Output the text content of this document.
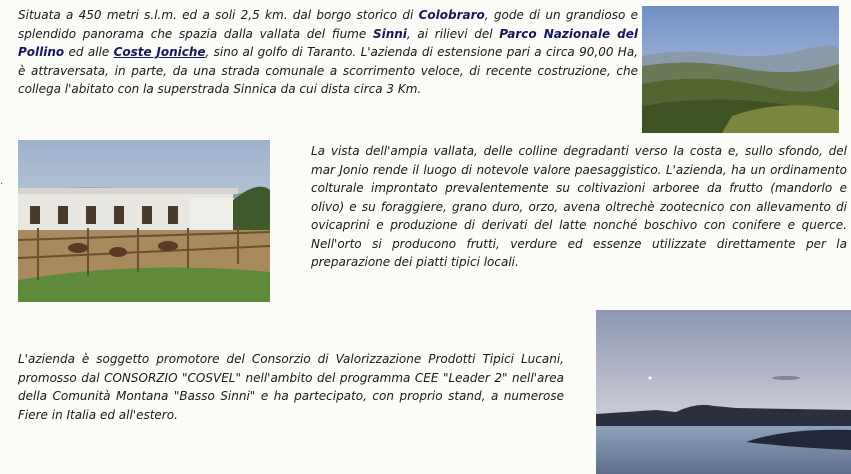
Situata a 450 metri s.l.m. ed a soli 2,5 km. dal borgo storico di Colobraro, gode di un grandioso e splendido panorama che spazia dalla vallata del fiume Sinni, ai rilievi del Parco Nazionale del Pollino ed alle Coste Joniche, sino al golfo di Taranto. L'azienda di estensione pari a circa 90,00 Ha, è attraversata, in parte, da una strada comunale a scorrimento veloce, di recente costruzione, che collega l'abitato con la superstrada Sinnica da cui dista circa 3 Km.

·

La vista dell'ampia vallata, delle colline degradanti verso la costa e, sullo sfondo, del mar Jonio rende il luogo di notevole valore paesaggistico. L'azienda, ha un ordinamento colturale improntato prevalentemente su coltivazioni arboree da frutto (mandorlo e olivo) e su foraggiere, grano duro, orzo, avena oltrechè zootecnico con allevamento di ovicaprini e produzione di derivati del latte nonché boschivo con conifere e querce. Nell'orto si producono frutti, verdure ed essenze utilizzate direttamente per la preparazione dei piatti tipici locali.

L'azienda è soggetto promotore del Consorzio di Valorizzazione Prodotti Tipici Lucani, promosso dal CONSORZIO "COSVEL" nell'ambito del programma CEE "Leader 2" nell'area della Comunità Montana "Basso Sinni" e ha partecipato, con proprio stand, a numerose Fiere in Italia ed all'estero.
